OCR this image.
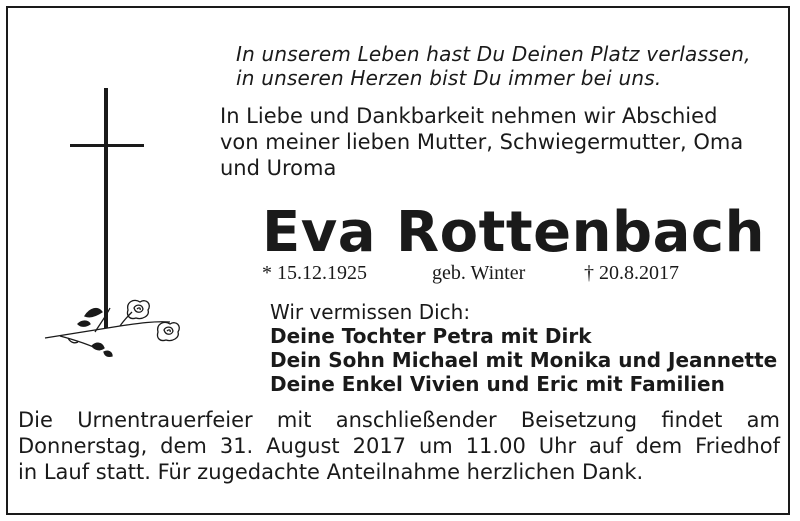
In unserem Leben hast Du Deinen Platz verlassen,
in unseren Herzen bist Du immer bei uns.
In Liebe und Dankbarkeit nehmen wir Abschied
von meiner lieben Mutter, Schwiegermutter, Oma
und Uroma
Eva Rottenbach
* 15.12.1925	geb. Winter	† 20.8.2017
Wir vermissen Dich:
Deine Tochter Petra mit Dirk
Dein Sohn Michael mit Monika und Jeannette
Deine Enkel Vivien und Eric mit Familien
Die Urnentrauerfeier mit anschließender Beisetzung findet am
Donnerstag, dem 31. August 2017 um 11.00 Uhr auf dem Friedhof
in Lauf statt. Für zugedachte Anteilnahme herzlichen Dank.
